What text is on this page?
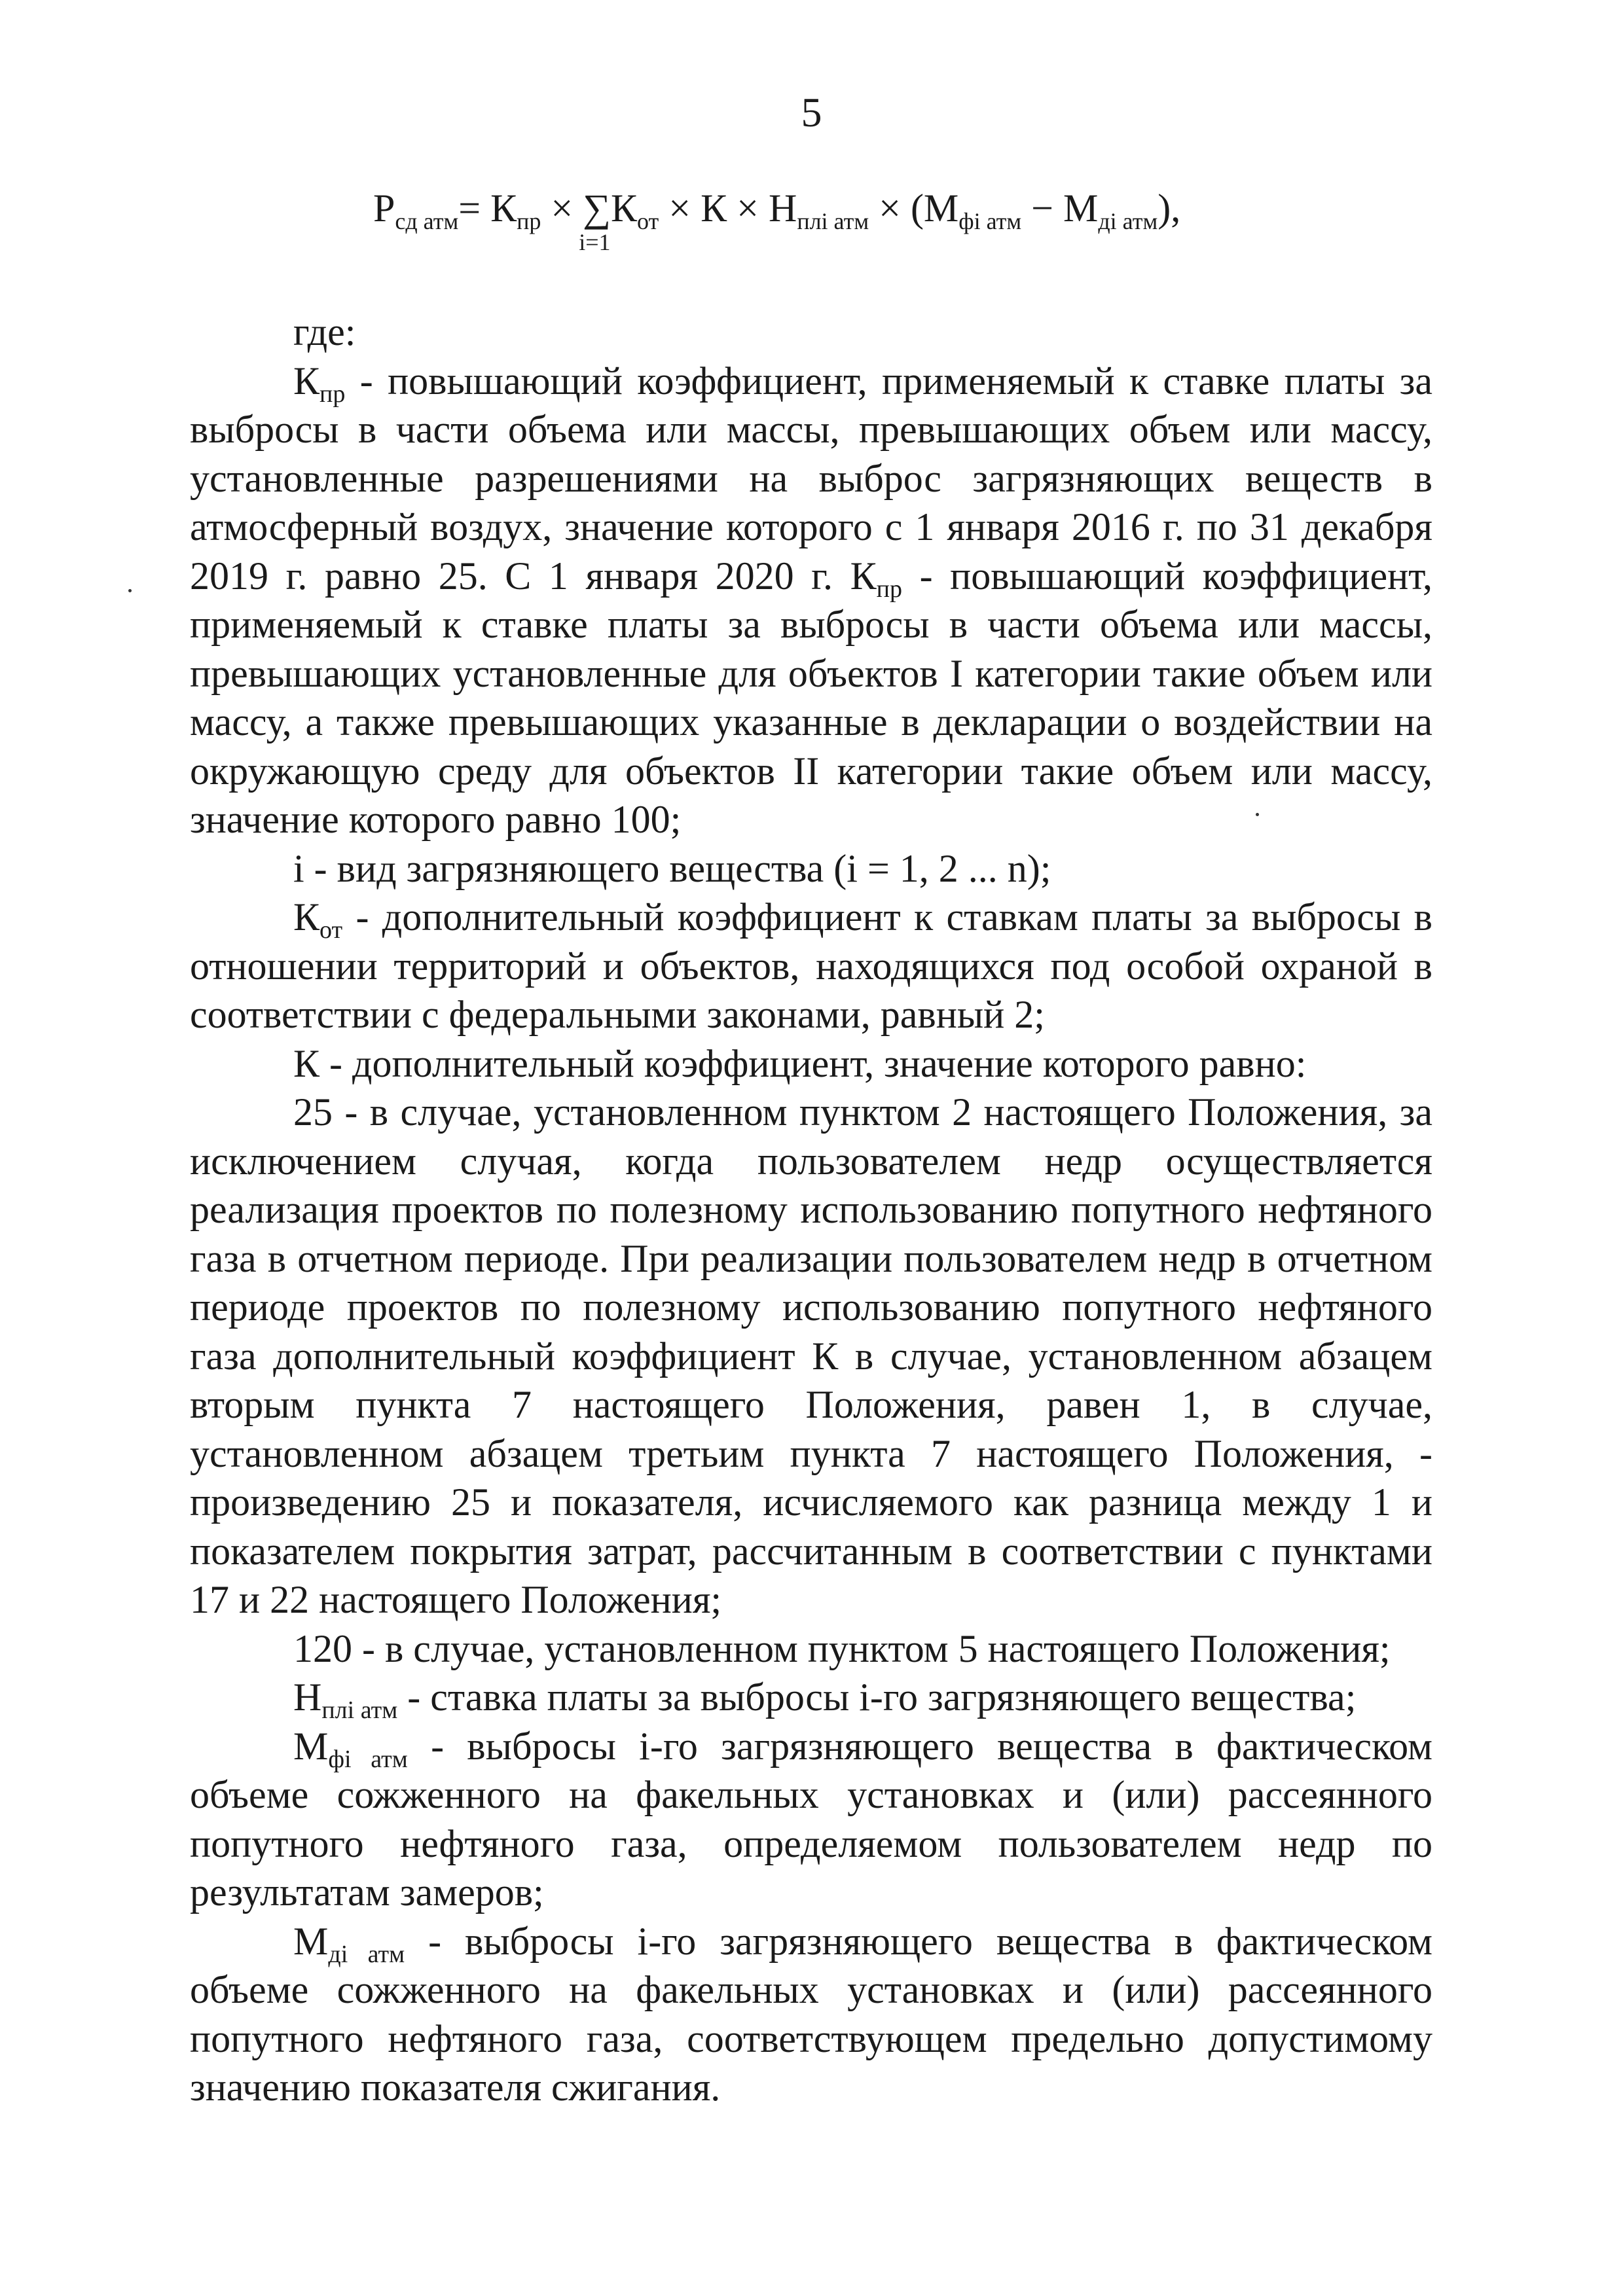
5
$Р_{сд атм}= К_{пр}$ × ∑
i=1
$К_{от} \times К \times Н_{плi атм} \times (М_{фi атм} - М_{дi атм})$,

где:

$К_{пр}$ - повышающий коэффициент, применяемый к ставке платы за выбросы в части объема или массы, превышающих объем или массу, установленные разрешениями на выброс загрязняющих веществ в атмосферный воздух, значение которого с 1 января 2016 г. по 31 декабря 2019 г. равно 25. С 1 января 2020 г. $К_{пр}$ - повышающий коэффициент, применяемый к ставке платы за выбросы в части объема или массы, превышающих установленные для объектов I категории такие объем или массу, а также превышающих указанные в декларации о воздействии на окружающую среду для объектов II категории такие объем или массу, значение которого равно 100;

i - вид загрязняющего вещества (i = 1, 2 ... n);

$К_{от}$ - дополнительный коэффициент к ставкам платы за выбросы в отношении территорий и объектов, находящихся под особой охраной в соответствии с федеральными законами, равный 2;

К - дополнительный коэффициент, значение которого равно:

25 - в случае, установленном пунктом 2 настоящего Положения, за исключением случая, когда пользователем недр осуществляется реализация проектов по полезному использованию попутного нефтяного газа в отчетном периоде. При реализации пользователем недр в отчетном периоде проектов по полезному использованию попутного нефтяного газа дополнительный коэффициент К в случае, установленном абзацем вторым пункта 7 настоящего Положения, равен 1, в случае, установленном абзацем третьим пункта 7 настоящего Положения, - произведению 25 и показателя, исчисляемого как разница между 1 и показателем покрытия затрат, рассчитанным в соответствии с пунктами 17 и 22 настоящего Положения;

120 - в случае, установленном пунктом 5 настоящего Положения;

$Н_{плi атм}$ - ставка платы за выбросы i-го загрязняющего вещества;

$М_{фi атм}$ - выбросы i-го загрязняющего вещества в фактическом объеме сожженного на факельных установках и (или) рассеянного попутного нефтяного газа, определяемом пользователем недр по результатам замеров;

$М_{дi атм}$ - выбросы i-го загрязняющего вещества в фактическом объеме сожженного на факельных установках и (или) рассеянного попутного нефтяного газа, соответствующем предельно допустимому значению показателя сжигания.
